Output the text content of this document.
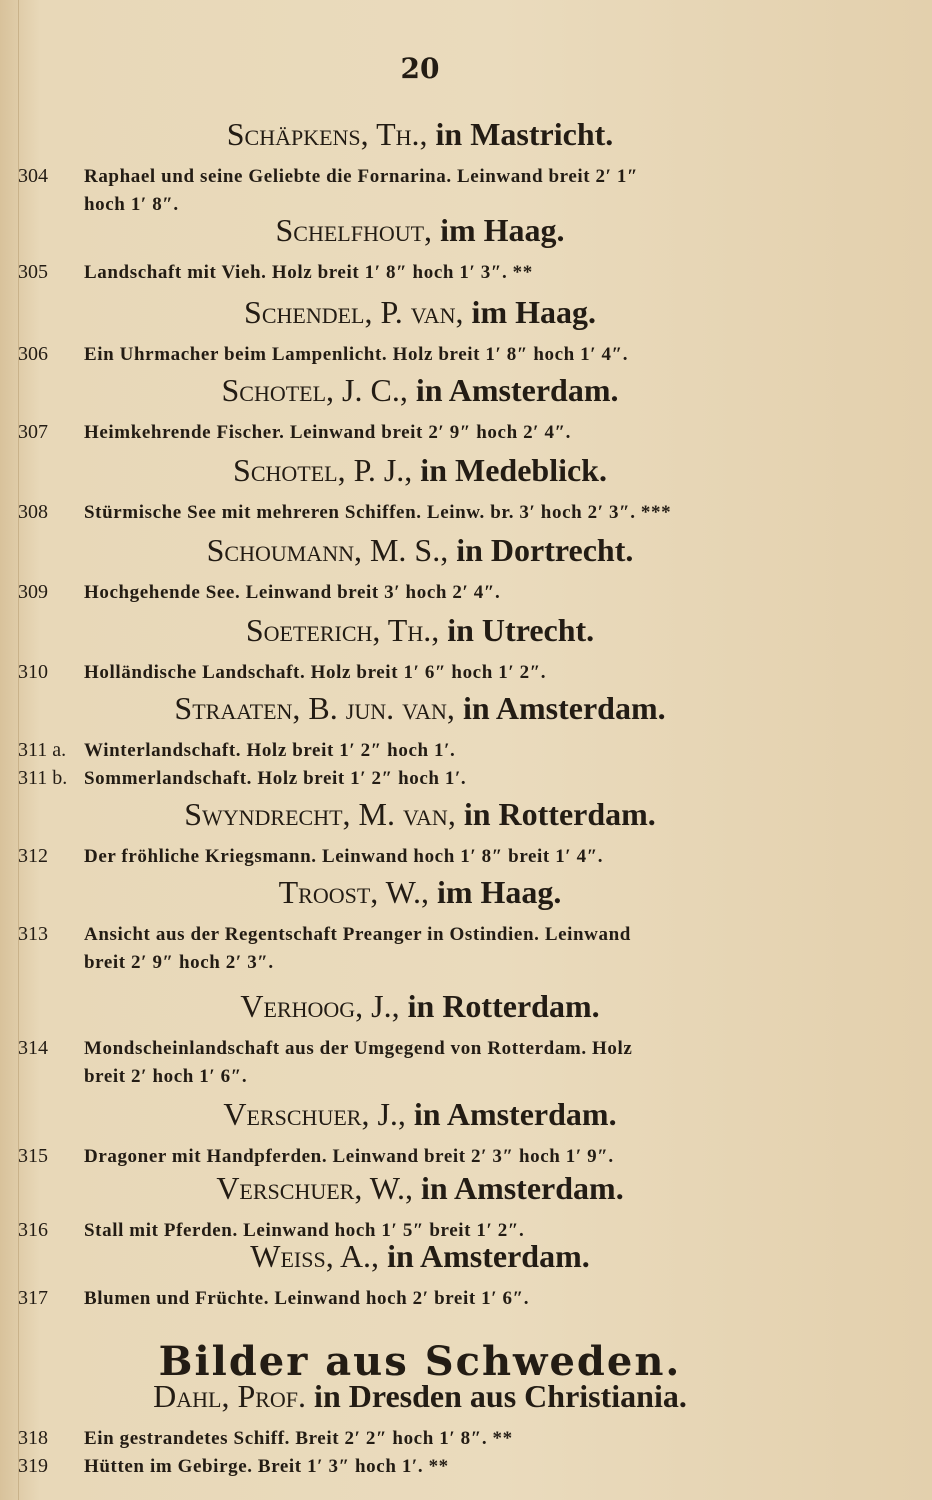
20
Schäpkens, Th., in Mastricht.
304 Raphael und seine Geliebte die Fornarina. Leinwand breit 2′ 1″
hoch 1′ 8″.
Schelfhout, im Haag.
305 Landschaft mit Vieh. Holz breit 1′ 8″ hoch 1′ 3″. **
Schendel, P. van, im Haag.
306 Ein Uhrmacher beim Lampenlicht. Holz breit 1′ 8″ hoch 1′ 4″.
Schotel, J. C., in Amsterdam.
307 Heimkehrende Fischer. Leinwand breit 2′ 9″ hoch 2′ 4″.
Schotel, P. J., in Medeblick.
308 Stürmische See mit mehreren Schiffen. Leinw. br. 3′ hoch 2′ 3″. ***
Schoumann, M. S., in Dortrecht.
309 Hochgehende See. Leinwand breit 3′ hoch 2′ 4″.
Soeterich, Th., in Utrecht.
310 Holländische Landschaft. Holz breit 1′ 6″ hoch 1′ 2″.
Straaten, B. jun. van, in Amsterdam.
311 a. Winterlandschaft. Holz breit 1′ 2″ hoch 1′.
311 b. Sommerlandschaft. Holz breit 1′ 2″ hoch 1′.
Swyndrecht, M. van, in Rotterdam.
312 Der fröhliche Kriegsmann. Leinwand hoch 1′ 8″ breit 1′ 4″.
Troost, W., im Haag.
313 Ansicht aus der Regentschaft Preanger in Ostindien. Leinwand
breit 2′ 9″ hoch 2′ 3″.
Verhoog, J., in Rotterdam.
314 Mondscheinlandschaft aus der Umgegend von Rotterdam. Holz
breit 2′ hoch 1′ 6″.
Verschuer, J., in Amsterdam.
315 Dragoner mit Handpferden. Leinwand breit 2′ 3″ hoch 1′ 9″.
Verschuer, W., in Amsterdam.
316 Stall mit Pferden. Leinwand hoch 1′ 5″ breit 1′ 2″.
Weiss, A., in Amsterdam.
317 Blumen und Früchte. Leinwand hoch 2′ breit 1′ 6″.
Dahl, Prof. in Dresden aus Christiania.
318 Ein gestrandetes Schiff. Breit 2′ 2″ hoch 1′ 8″. **
319 Hütten im Gebirge. Breit 1′ 3″ hoch 1′. **
Bilder aus Schweden.
